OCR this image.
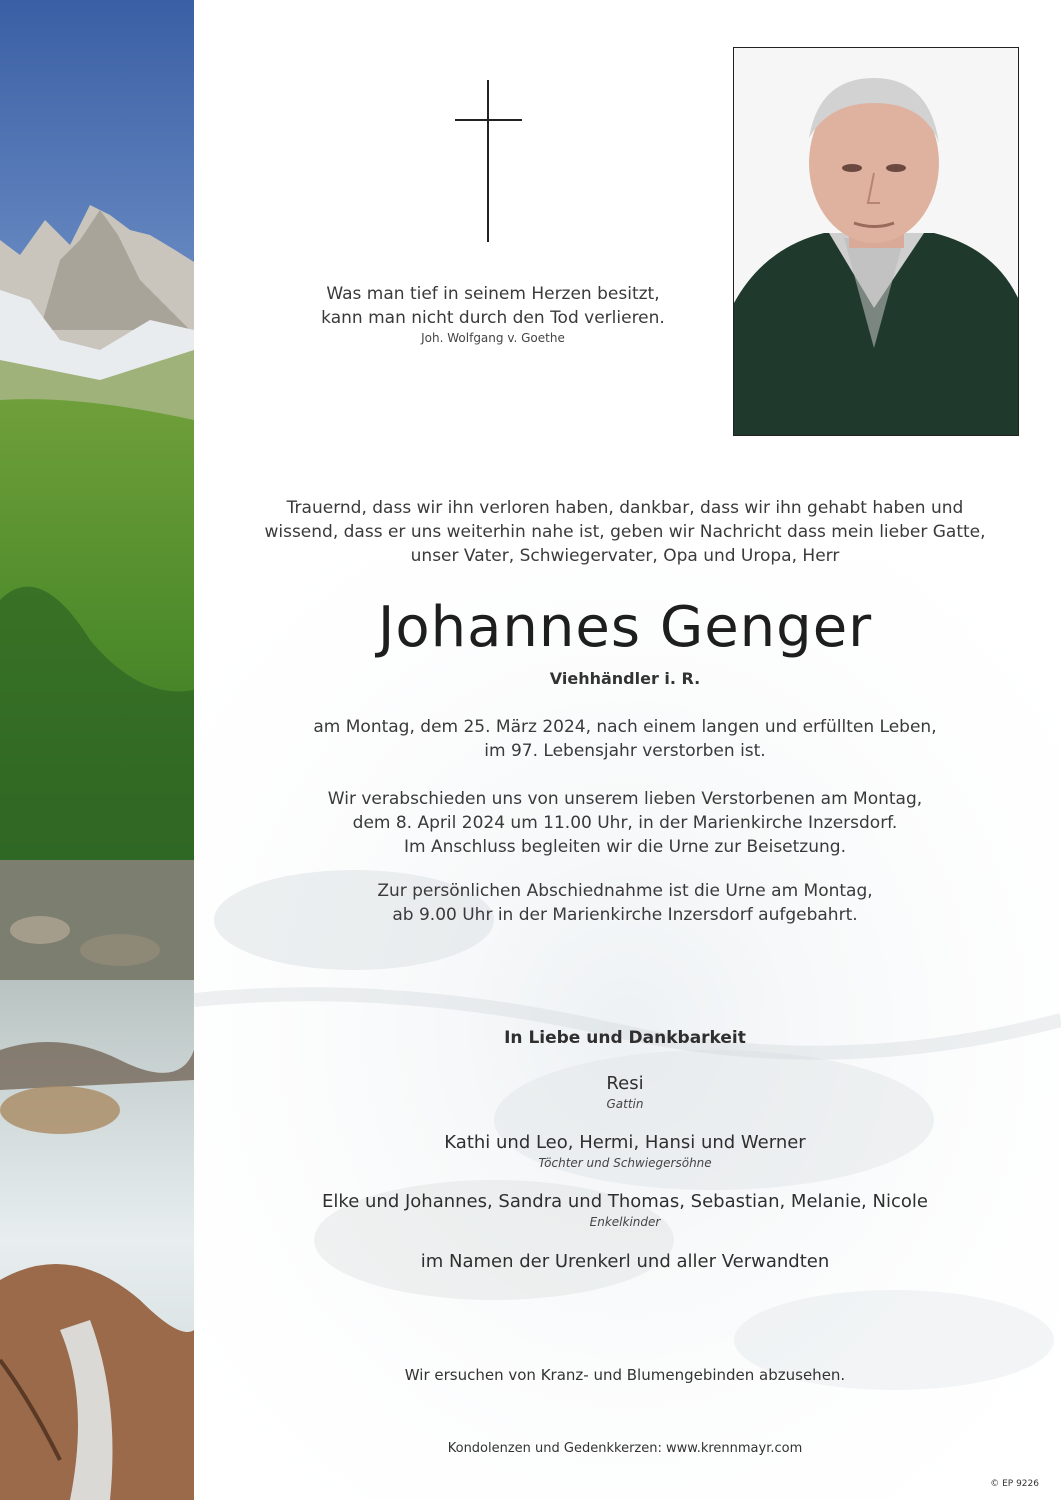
Was man tief in seinem Herzen besitzt,
kann man nicht durch den Tod verlieren.
Joh. Wolfgang v. Goethe
Trauernd, dass wir ihn verloren haben, dankbar, dass wir ihn gehabt haben und
wissend, dass er uns weiterhin nahe ist, geben wir Nachricht dass mein lieber Gatte,
unser Vater, Schwiegervater, Opa und Uropa, Herr
Johannes Genger
Viehhändler i. R.
am Montag, dem 25. März 2024, nach einem langen und erfüllten Leben,
im 97. Lebensjahr verstorben ist.
Wir verabschieden uns von unserem lieben Verstorbenen am Montag,
dem 8. April 2024 um 11.00 Uhr, in der Marienkirche Inzersdorf.
Im Anschluss begleiten wir die Urne zur Beisetzung.
Zur persönlichen Abschiednahme ist die Urne am Montag,
ab 9.00 Uhr in der Marienkirche Inzersdorf aufgebahrt.
In Liebe und Dankbarkeit
Resi
Gattin
Kathi und Leo, Hermi, Hansi und Werner
Töchter und Schwiegersöhne
Elke und Johannes, Sandra und Thomas, Sebastian, Melanie, Nicole
Enkelkinder
im Namen der Urenkerl und aller Verwandten
Wir ersuchen von Kranz- und Blumengebinden abzusehen.
Kondolenzen und Gedenkkerzen: www.krennmayr.com
© EP 9226
